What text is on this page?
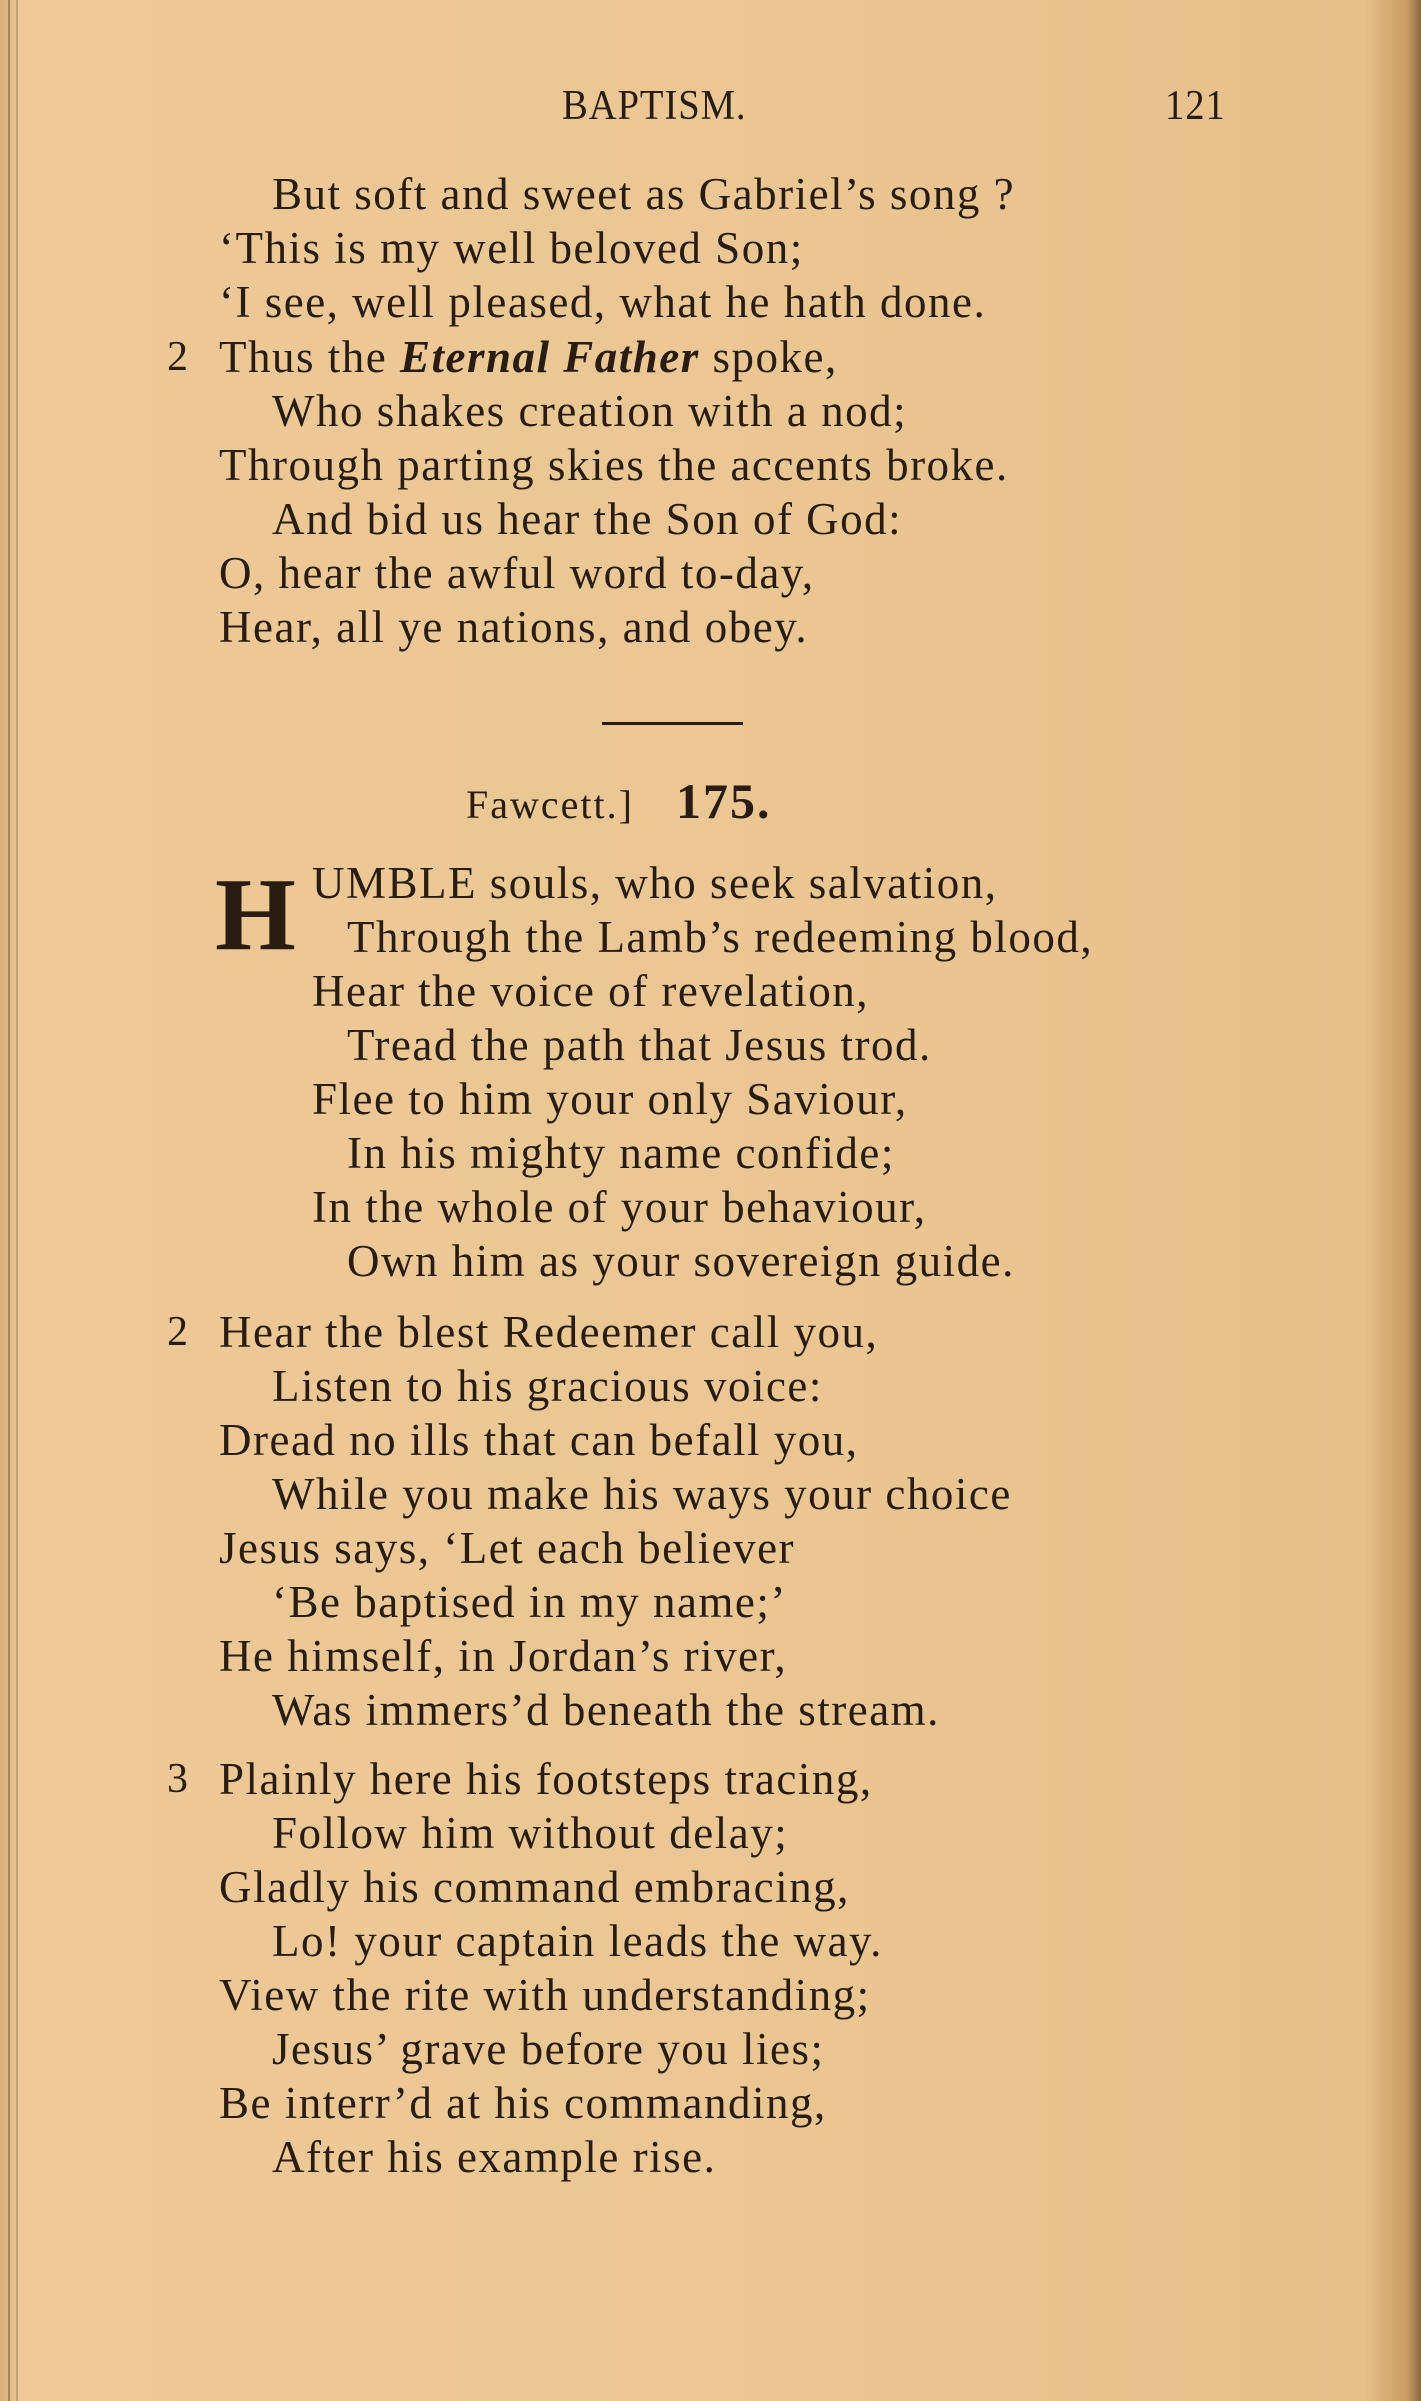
BAPTISM.	121
But soft and sweet as Gabriel’s song ?
‘This is my well beloved Son;
‘I see, well pleased, what he hath done.
2 Thus the Eternal Father spoke,
Who shakes creation with a nod;
Through parting skies the accents broke.
And bid us hear the Son of God:
O, hear the awful word to-day,
Hear, all ye nations, and obey.
Fawcett.] 175.
H UMBLE souls, who seek salvation,
Through the Lamb’s redeeming blood,
Hear the voice of revelation,
Tread the path that Jesus trod.
Flee to him your only Saviour,
In his mighty name confide;
In the whole of your behaviour,
Own him as your sovereign guide.
2 Hear the blest Redeemer call you,
Listen to his gracious voice:
Dread no ills that can befall you,
While you make his ways your choice
Jesus says, ‘Let each believer
‘Be baptised in my name;’
He himself, in Jordan’s river,
Was immers’d beneath the stream.
3 Plainly here his footsteps tracing,
Follow him without delay;
Gladly his command embracing,
Lo! your captain leads the way.
View the rite with understanding;
Jesus’ grave before you lies;
Be interr’d at his commanding,
After his example rise.
